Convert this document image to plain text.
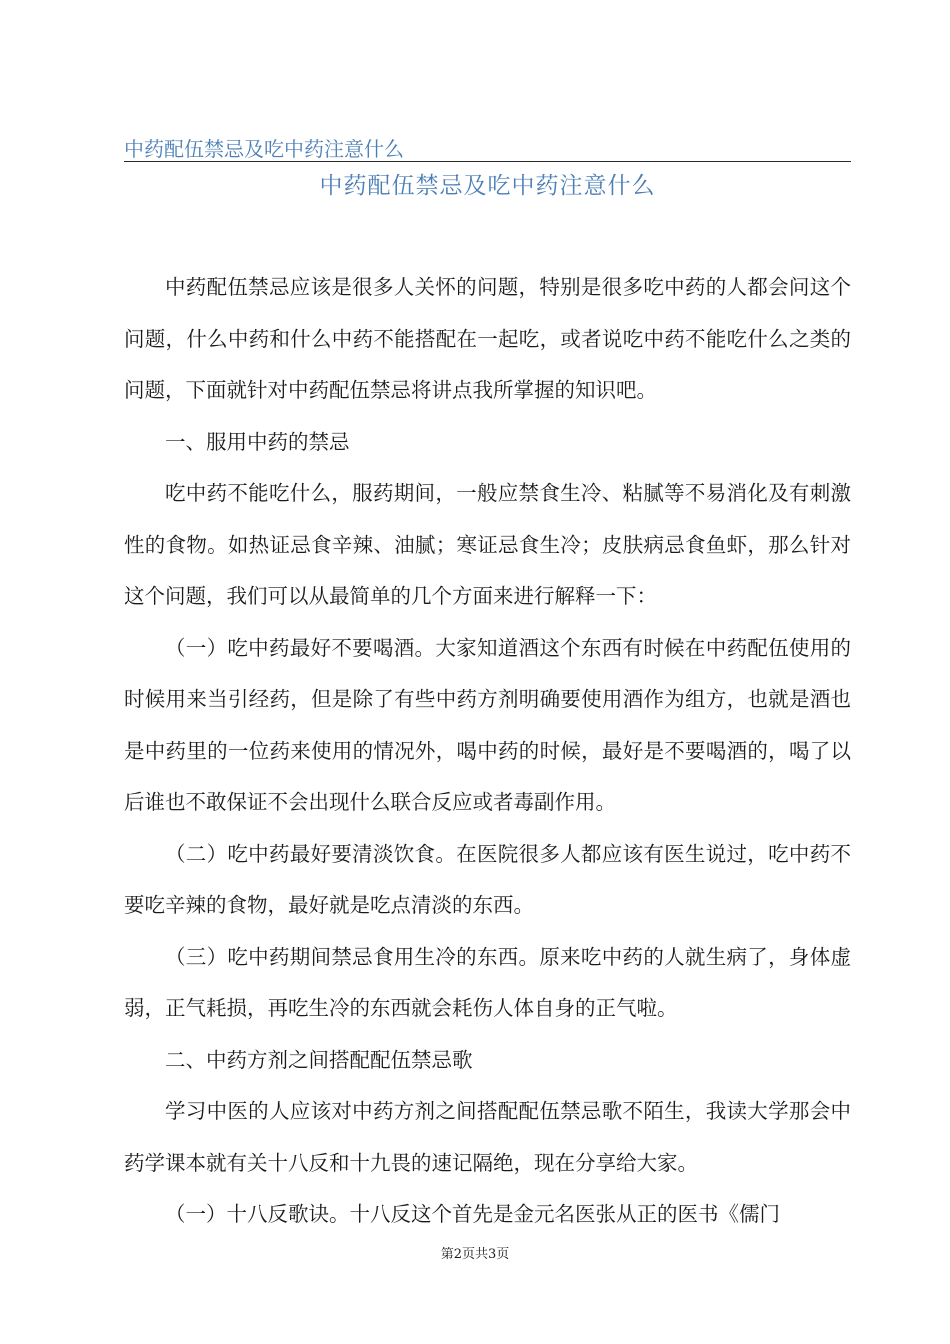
中药配伍禁忌及吃中药注意什么
中药配伍禁忌及吃中药注意什么

中药配伍禁忌应该是很多人关怀的问题，特别是很多吃中药的人都会问这个问题，什么中药和什么中药不能搭配在一起吃，或者说吃中药不能吃什么之类的问题，下面就针对中药配伍禁忌将讲点我所掌握的知识吧。

一、服用中药的禁忌

吃中药不能吃什么，服药期间，一般应禁食生冷、粘腻等不易消化及有刺激性的食物。如热证忌食辛辣、油腻；寒证忌食生冷；皮肤病忌食鱼虾，那么针对这个问题，我们可以从最简单的几个方面来进行解释一下：

（一）吃中药最好不要喝酒。大家知道酒这个东西有时候在中药配伍使用的时候用来当引经药，但是除了有些中药方剂明确要使用酒作为组方，也就是酒也是中药里的一位药来使用的情况外，喝中药的时候，最好是不要喝酒的，喝了以后谁也不敢保证不会出现什么联合反应或者毒副作用。

（二）吃中药最好要清淡饮食。在医院很多人都应该有医生说过，吃中药不要吃辛辣的食物，最好就是吃点清淡的东西。

（三）吃中药期间禁忌食用生冷的东西。原来吃中药的人就生病了，身体虚弱，正气耗损，再吃生冷的东西就会耗伤人体自身的正气啦。

二、中药方剂之间搭配配伍禁忌歌

学习中医的人应该对中药方剂之间搭配配伍禁忌歌不陌生，我读大学那会中药学课本就有关十八反和十九畏的速记隔绝，现在分享给大家。

（一）十八反歌诀。十八反这个首先是金元名医张从正的医书《儒门

第2页共3页
